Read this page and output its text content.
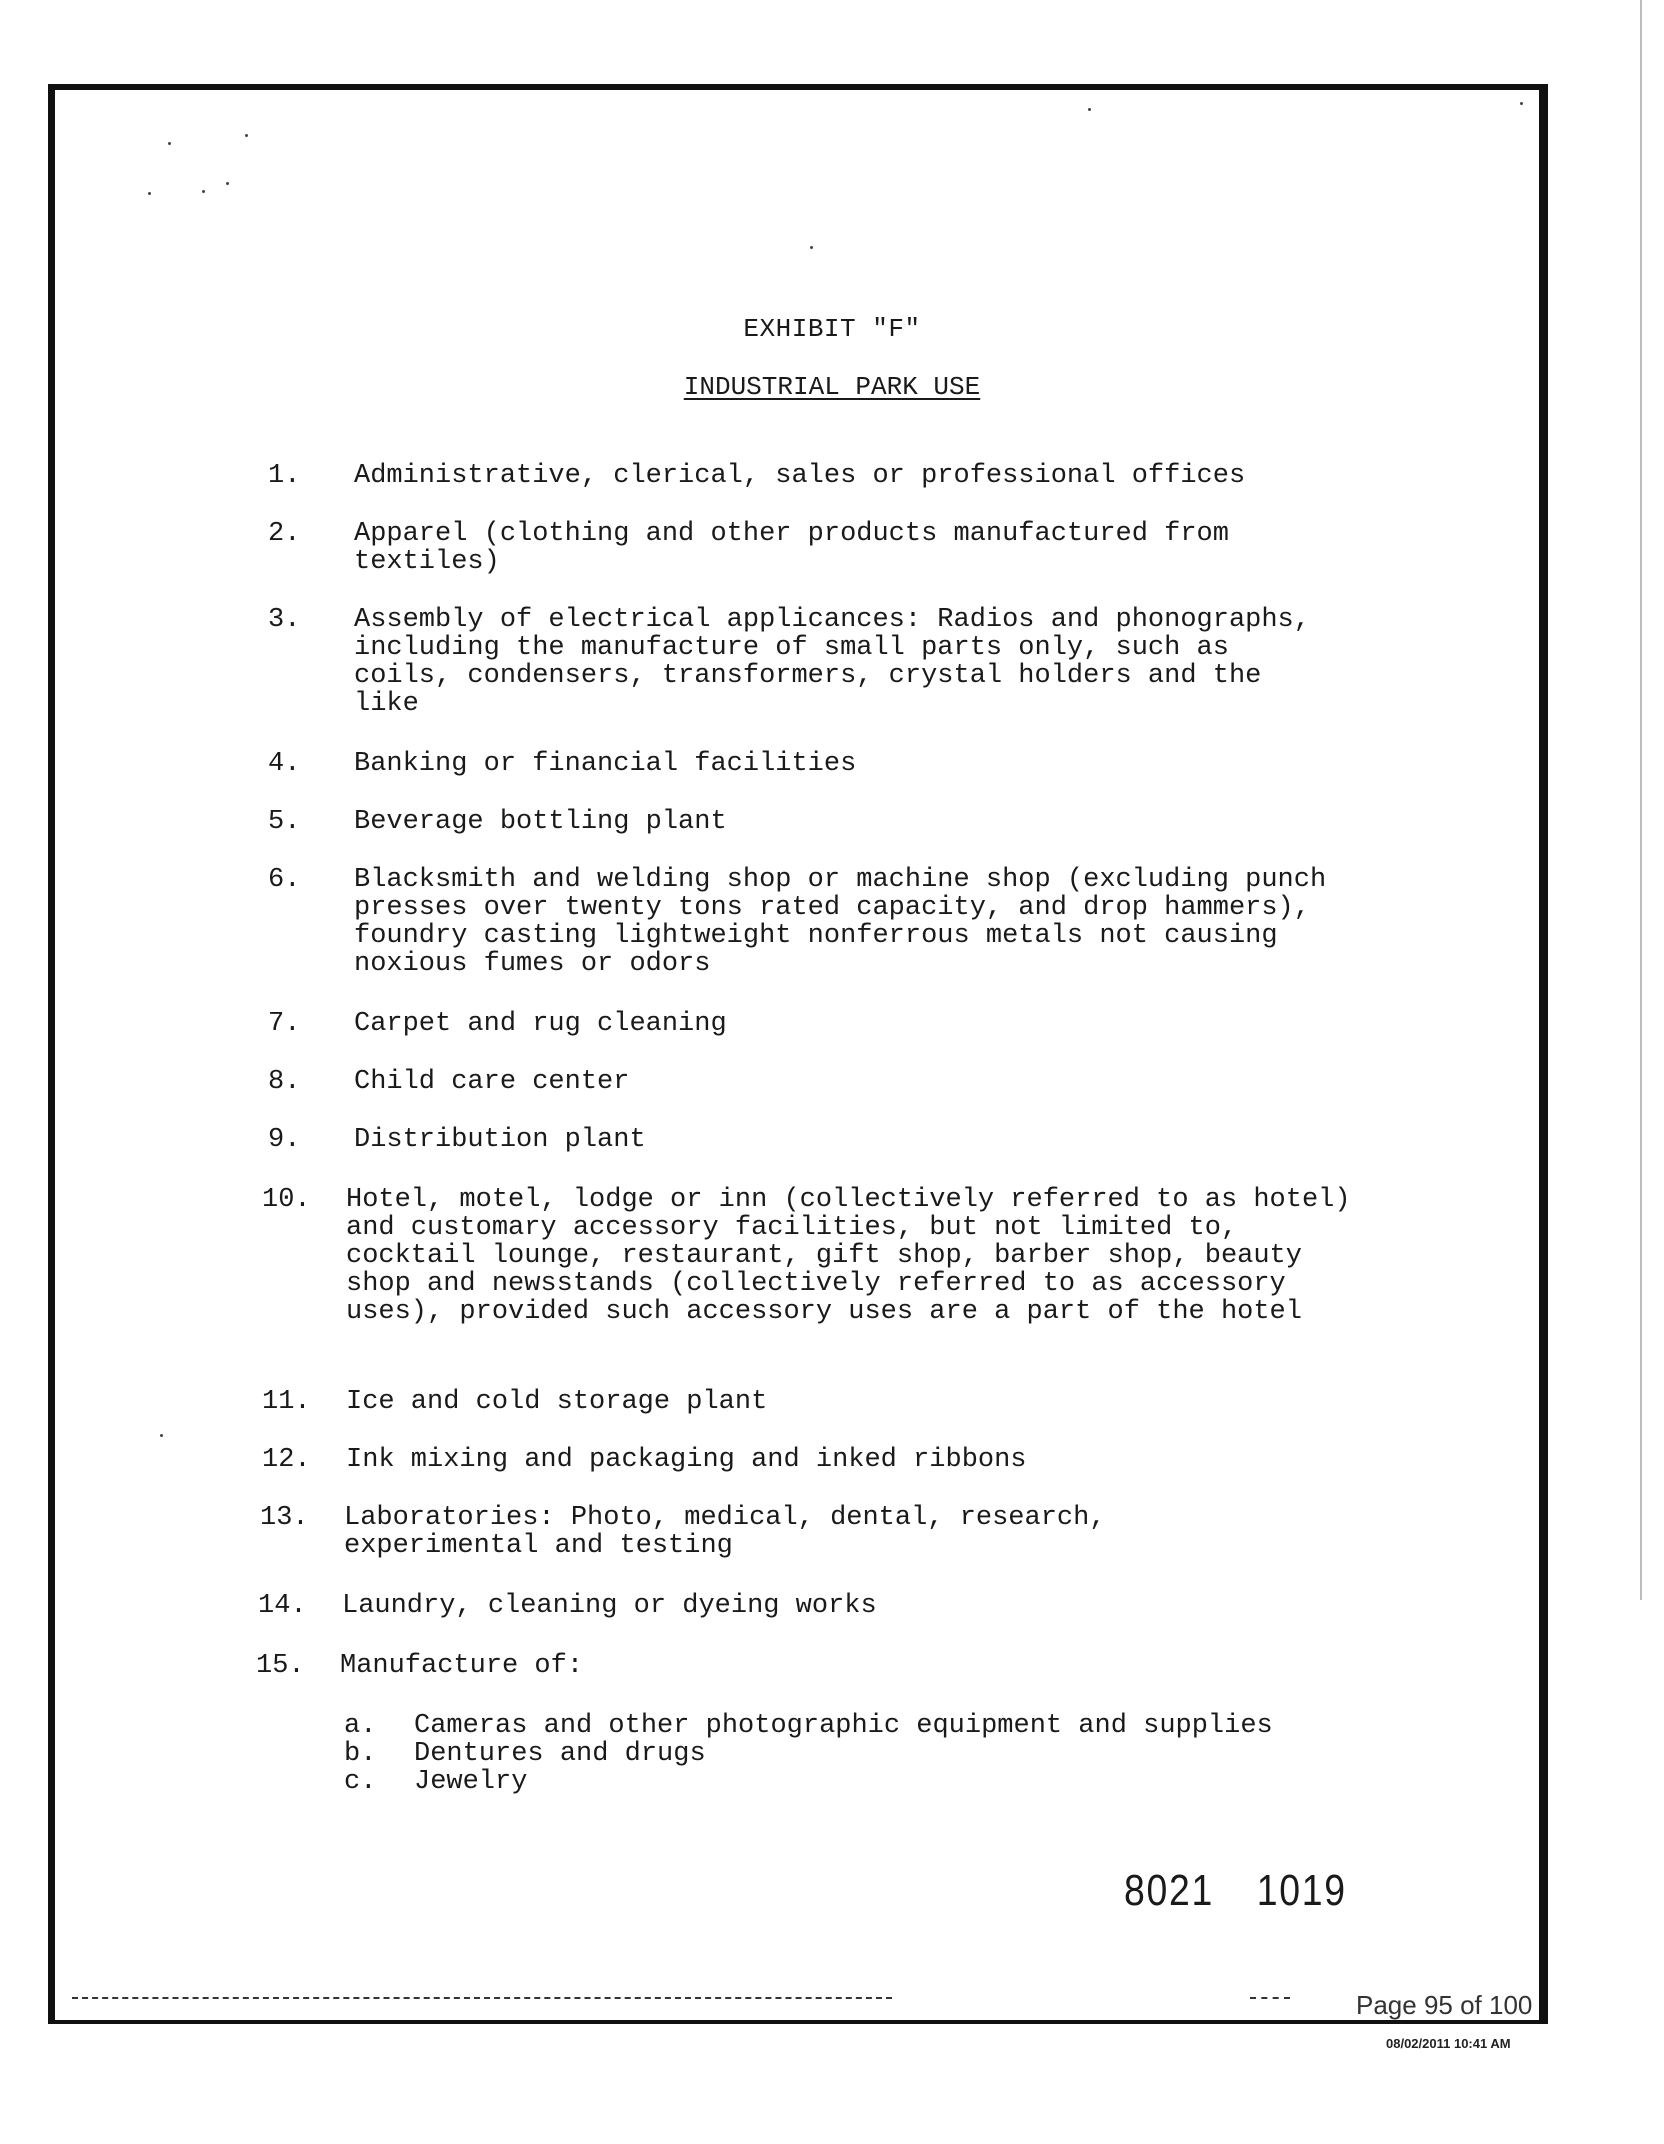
EXHIBIT "F"
INDUSTRIAL PARK USE

1.

Administrative, clerical, sales or professional offices

2.

Apparel (clothing and other products manufactured from textiles)

3.

Assembly of electrical applicances: Radios and phonographs, including the manufacture of small parts only, such as coils, condensers, transformers, crystal holders and the like

4.

Banking or financial facilities

5.

Beverage bottling plant

6.

Blacksmith and welding shop or machine shop (excluding punch presses over twenty tons rated capacity, and drop hammers), foundry casting lightweight nonferrous metals not causing noxious fumes or odors

7.

Carpet and rug cleaning

8.

Child care center

9.

Distribution plant

10.

Hotel, motel, lodge or inn (collectively referred to as hotel) and customary accessory facilities, but not limited to, cocktail lounge, restaurant, gift shop, barber shop, beauty shop and newsstands (collectively referred to as accessory uses), provided such accessory uses are a part of the hotel

11.

Ice and cold storage plant

12.

Ink mixing and packaging and inked ribbons

13.

Laboratories: Photo, medical, dental, research, experimental and testing

14.

Laundry, cleaning or dyeing works

15.

Manufacture of:

a. Cameras and other photographic equipment and supplies
b. Dentures and drugs
c. Jewelry
8021 1019
Page 95 of 100
08/02/2011 10:41 AM
